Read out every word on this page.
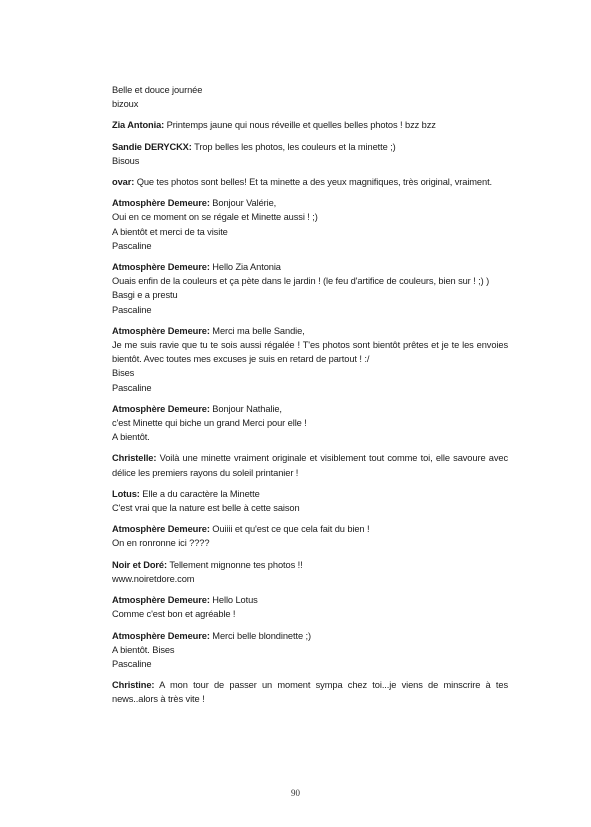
Belle et douce journée
bizoux
Zia Antonia: Printemps jaune qui nous réveille et quelles belles photos ! bzz bzz
Sandie DERYCKX: Trop belles les photos, les couleurs et la minette ;)
Bisous
ovar: Que tes photos sont belles! Et ta minette a des yeux magnifiques, très original, vraiment.
Atmosphère Demeure: Bonjour Valérie,
Oui en ce moment on se régale et Minette aussi ! ;)
A bientôt et merci de ta visite
Pascaline
Atmosphère Demeure: Hello Zia Antonia
Ouais enfin de la couleurs et ça pète dans le jardin ! (le feu d'artifice de couleurs, bien sur ! ;) )
Basgi e a prestu
Pascaline
Atmosphère Demeure: Merci ma belle Sandie,
Je me suis ravie que tu te sois aussi régalée ! T'es photos sont bientôt prêtes et je te les envoies bientôt. Avec toutes mes excuses je suis en retard de partout ! :/
Bises
Pascaline
Atmosphère Demeure: Bonjour Nathalie,
c'est Minette qui biche un grand Merci pour elle !
A bientôt.
Christelle: Voilà une minette vraiment originale et visiblement tout comme toi, elle savoure avec délice les premiers rayons du soleil printanier !
Lotus: Elle a du caractère la Minette
C'est vrai que la nature est belle à cette saison
Atmosphère Demeure: Ouiiii et qu'est ce que cela fait du bien !
On en ronronne ici ????
Noir et Doré: Tellement mignonne tes photos !!
www.noiretdore.com
Atmosphère Demeure: Hello Lotus
Comme c'est bon et agréable !
Atmosphère Demeure: Merci belle blondinette ;)
A bientôt. Bises
Pascaline
Christine: A mon tour de passer un moment sympa chez toi...je viens de minscrire à tes news..alors à très vite !
90
